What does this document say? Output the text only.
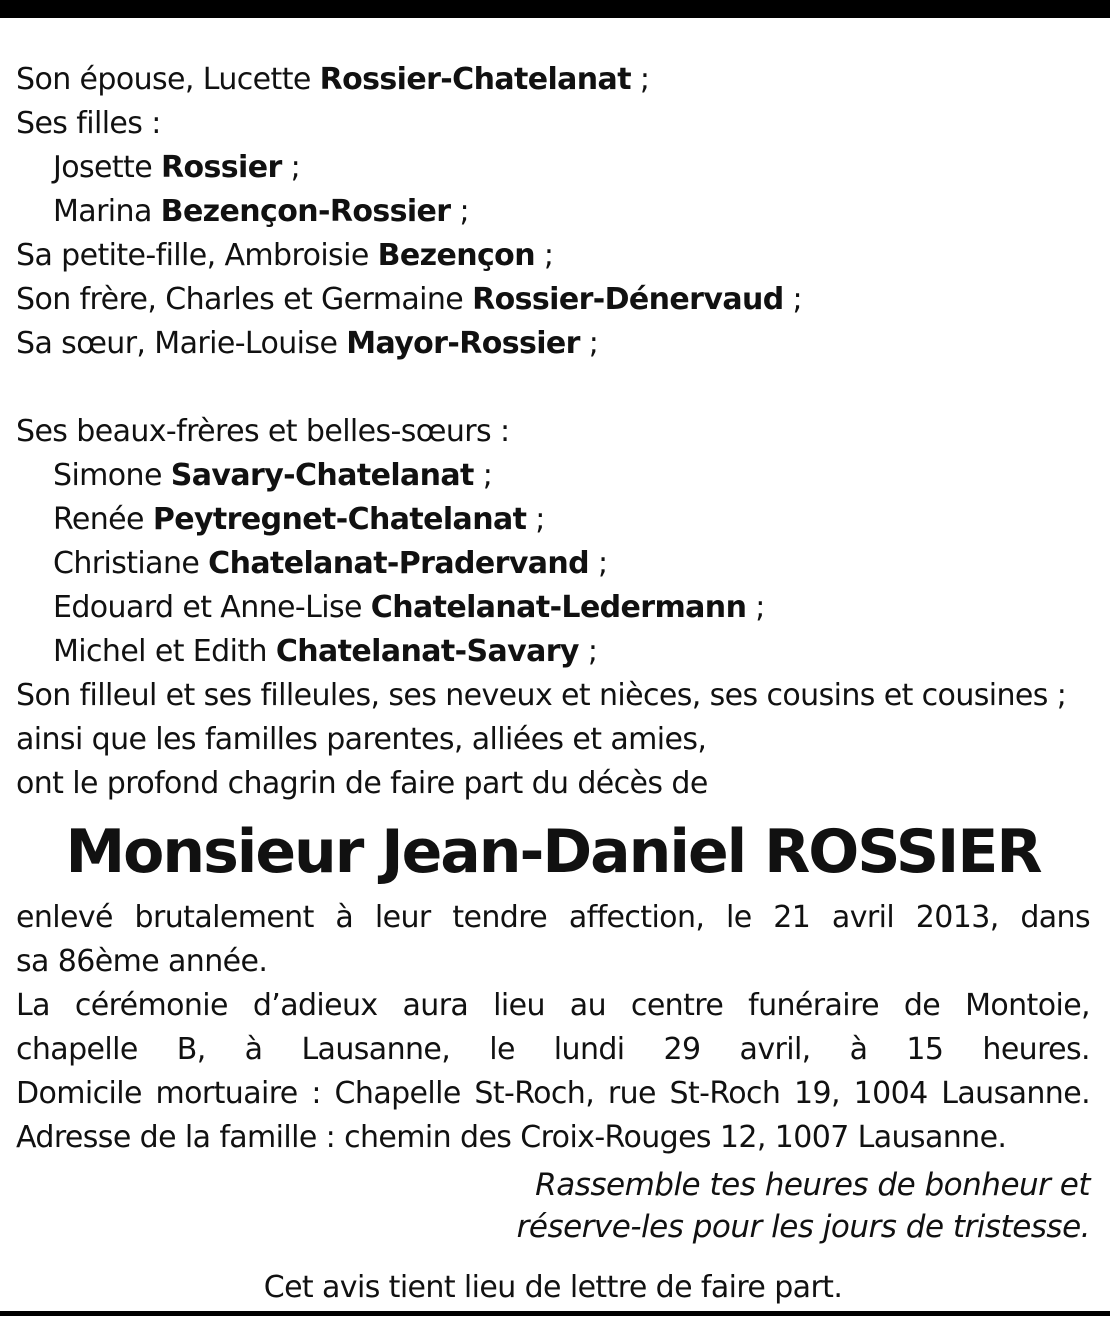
Son épouse, Lucette Rossier-Chatelanat ;
Ses filles :
Josette Rossier ;
Marina Bezençon-Rossier ;
Sa petite-fille, Ambroisie Bezençon ;
Son frère, Charles et Germaine Rossier-Dénervaud ;
Sa sœur, Marie-Louise Mayor-Rossier ;
Ses beaux-frères et belles-sœurs :
Simone Savary-Chatelanat ;
Renée Peytregnet-Chatelanat ;
Christiane Chatelanat-Pradervand ;
Edouard et Anne-Lise Chatelanat-Ledermann ;
Michel et Edith Chatelanat-Savary ;
Son filleul et ses filleules, ses neveux et nièces, ses cousins et cousines ;
ainsi que les familles parentes, alliées et amies,
ont le profond chagrin de faire part du décès de
Monsieur Jean-Daniel ROSSIER
enlevé brutalement à leur tendre affection, le 21 avril 2013, dans
sa 86ème année.
La cérémonie d’adieux aura lieu au centre funéraire de Montoie,
chapelle B, à Lausanne, le lundi 29 avril, à 15 heures.
Domicile mortuaire : Chapelle St-Roch, rue St-Roch 19, 1004 Lausanne.
Adresse de la famille : chemin des Croix-Rouges 12, 1007 Lausanne.
Rassemble tes heures de bonheur et
réserve-les pour les jours de tristesse.
Cet avis tient lieu de lettre de faire part.
